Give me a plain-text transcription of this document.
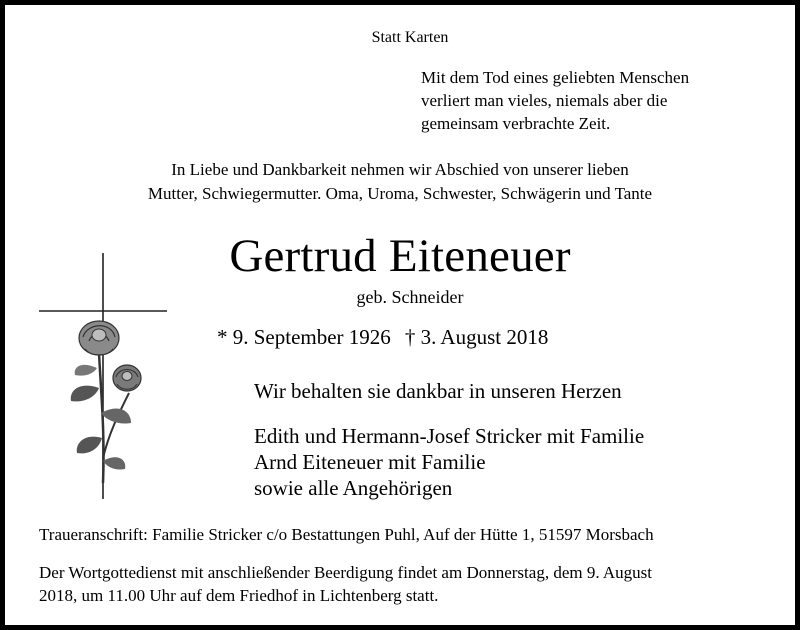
Statt Karten
Mit dem Tod eines geliebten Menschen
verliert man vieles, niemals aber die
gemeinsam verbrachte Zeit.
In Liebe und Dankbarkeit nehmen wir Abschied von unserer lieben
Mutter, Schwiegermutter. Oma, Uroma, Schwester, Schwägerin und Tante
Gertrud Eiteneuer
geb. Schneider
* 9. September 1926 † 3. August 2018
Wir behalten sie dankbar in unseren Herzen
Edith und Hermann-Josef Stricker mit Familie
Arnd Eiteneuer mit Familie
sowie alle Angehörigen
Traueranschrift: Familie Stricker c/o Bestattungen Puhl, Auf der Hütte 1, 51597 Morsbach
Der Wortgottedienst mit anschließender Beerdigung findet am Donnerstag, dem 9. August
2018, um 11.00 Uhr auf dem Friedhof in Lichtenberg statt.
